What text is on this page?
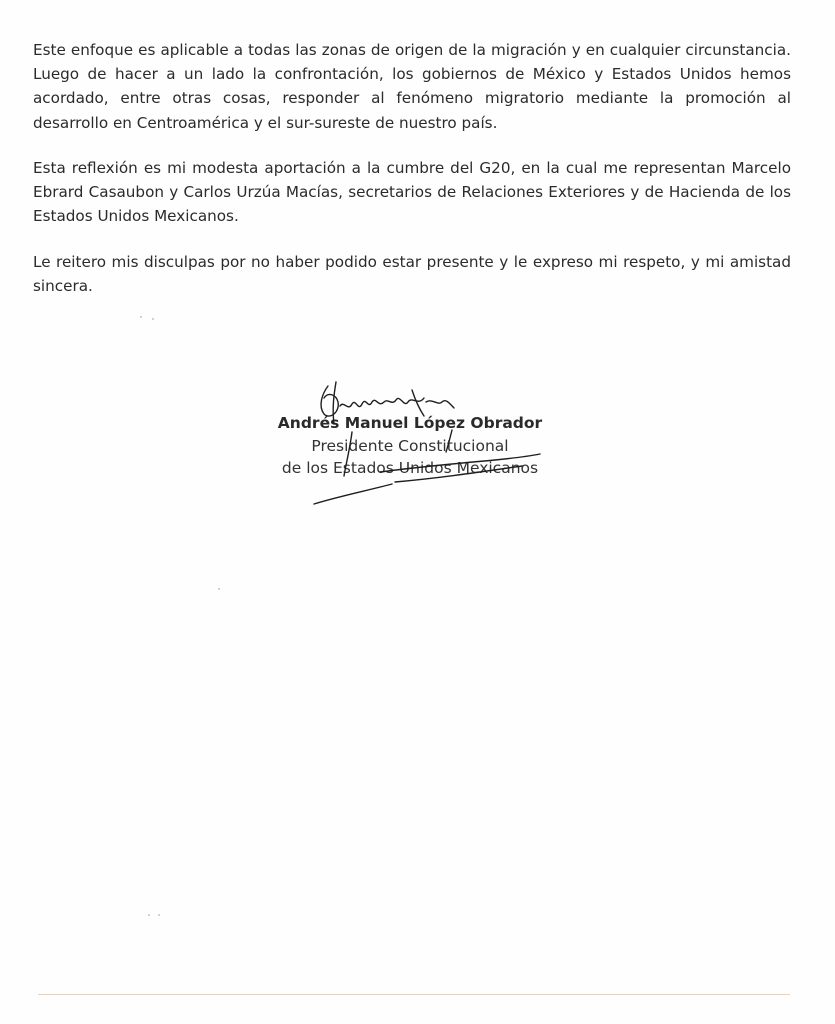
Este enfoque es aplicable a todas las zonas de origen de la migración y en cualquier circunstancia. Luego de hacer a un lado la confrontación, los gobiernos de México y Estados Unidos hemos acordado, entre otras cosas, responder al fenómeno migratorio mediante la promoción al desarrollo en Centroamérica y el sur-sureste de nuestro país.

Esta reflexión es mi modesta aportación a la cumbre del G20, en la cual me representan Marcelo Ebrard Casaubon y Carlos Urzúa Macías, secretarios de Relaciones Exteriores y de Hacienda de los Estados Unidos Mexicanos.

Le reitero mis disculpas por no haber podido estar presente y le expreso mi respeto, y mi amistad sincera.

Andrés Manuel López Obrador
Presidente Constitucional
de los Estados Unidos Mexicanos
